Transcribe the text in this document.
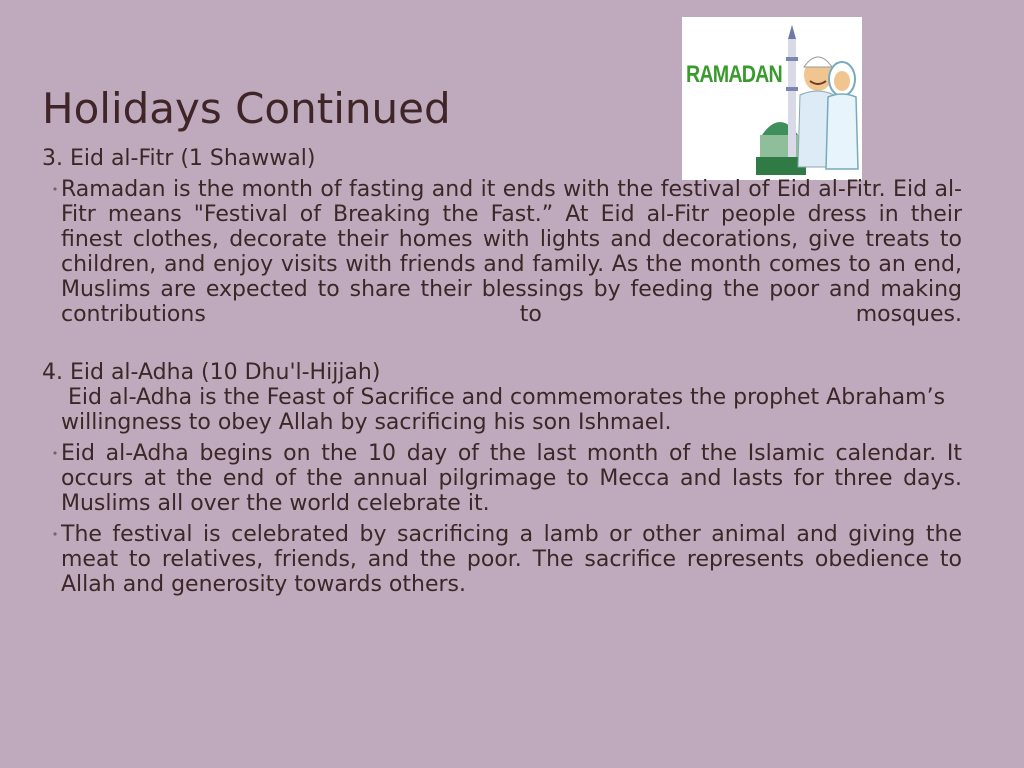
Holidays Continued
RAMADAN

3. Eid al-Fitr (1 Shawwal)

Ramadan is the month of fasting and it ends with the festival of Eid al-Fitr. Eid al-Fitr means "Festival of Breaking the Fast.” At Eid al-Fitr people dress in their finest clothes, decorate their homes with lights and decorations, give treats to children, and enjoy visits with friends and family. As the month comes to an end, Muslims are expected to share their blessings by feeding the poor and making contributions to mosques.

4. Eid al-Adha (10 Dhu'l-Hijjah)

Eid al-Adha is the Feast of Sacrifice and commemorates the prophet Abraham’s willingness to obey Allah by sacrificing his son Ishmael.

Eid al-Adha begins on the 10 day of the last month of the Islamic calendar. It occurs at the end of the annual pilgrimage to Mecca and lasts for three days. Muslims all over the world celebrate it.
The festival is celebrated by sacrificing a lamb or other animal and giving the meat to relatives, friends, and the poor. The sacrifice represents obedience to Allah and generosity towards others.
